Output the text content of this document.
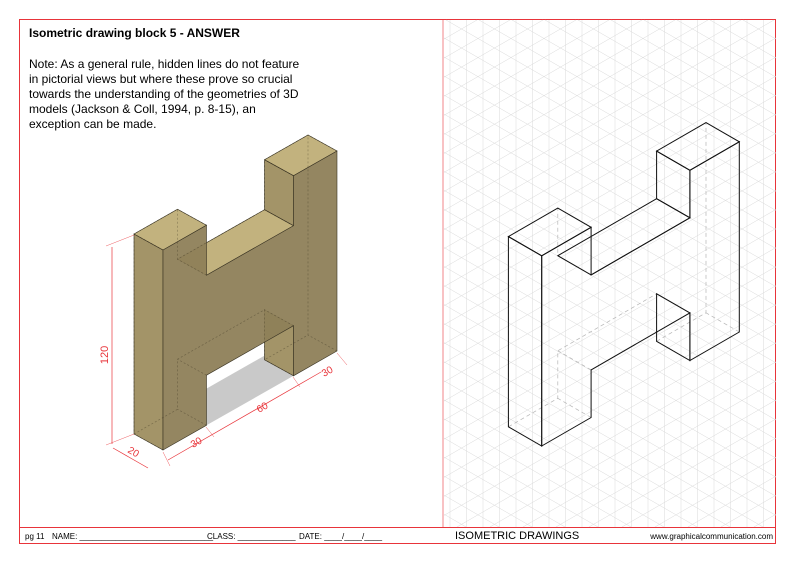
Isometric drawing block 5 - ANSWER
Note: As a general rule, hidden lines do not feature in pictorial views but where these prove so crucial towards the understanding of the geometries of 3D models (Jackson & Coll, 1994, p. 8-15), an exception can be made.
120
20
30
60
30
pg 11 NAME: ______________________________
CLASS: _____________ DATE: ____/____/____	ISOMETRIC DRAWINGS	www.graphicalcommunication.com
